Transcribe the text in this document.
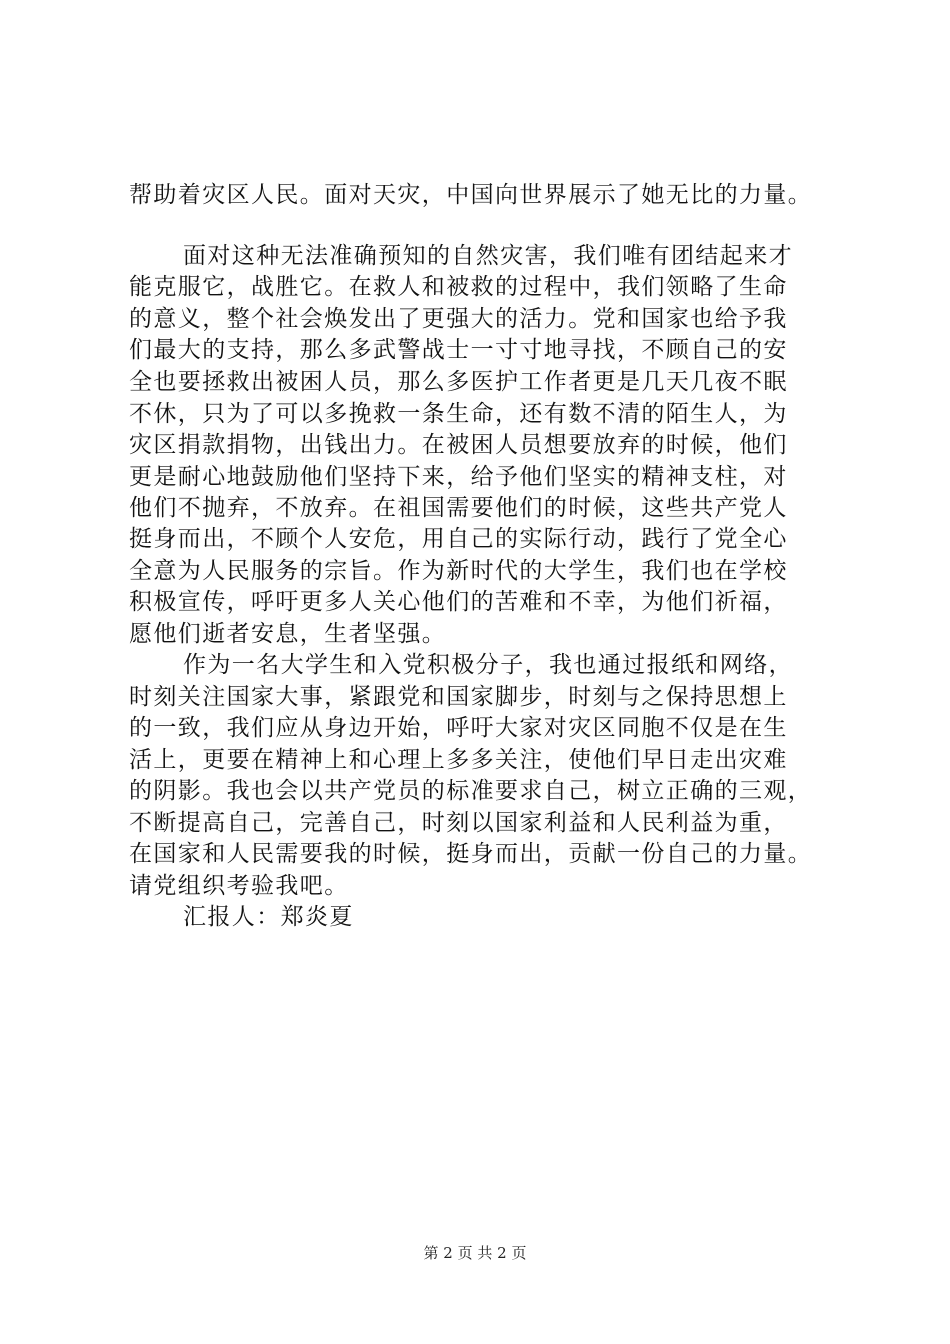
帮助着灾区人民。面对天灾，中国向世界展示了她无比的力量。
面对这种无法准确预知的自然灾害，我们唯有团结起来才
能克服它，战胜它。在救人和被救的过程中，我们领略了生命
的意义，整个社会焕发出了更强大的活力。党和国家也给予我
们最大的支持，那么多武警战士一寸寸地寻找，不顾自己的安
全也要拯救出被困人员，那么多医护工作者更是几天几夜不眠
不休，只为了可以多挽救一条生命，还有数不清的陌生人，为
灾区捐款捐物，出钱出力。在被困人员想要放弃的时候，他们
更是耐心地鼓励他们坚持下来，给予他们坚实的精神支柱，对
他们不抛弃，不放弃。在祖国需要他们的时候，这些共产党人
挺身而出，不顾个人安危，用自己的实际行动，践行了党全心
全意为人民服务的宗旨。作为新时代的大学生，我们也在学校
积极宣传，呼吁更多人关心他们的苦难和不幸，为他们祈福，
愿他们逝者安息，生者坚强。
作为一名大学生和入党积极分子，我也通过报纸和网络，
时刻关注国家大事，紧跟党和国家脚步，时刻与之保持思想上
的一致，我们应从身边开始，呼吁大家对灾区同胞不仅是在生
活上，更要在精神上和心理上多多关注，使他们早日走出灾难
的阴影。我也会以共产党员的标准要求自己，树立正确的三观，
不断提高自己，完善自己，时刻以国家利益和人民利益为重，
在国家和人民需要我的时候，挺身而出，贡献一份自己的力量。
请党组织考验我吧。
汇报人：郑炎夏
第 2 页 共 2 页
